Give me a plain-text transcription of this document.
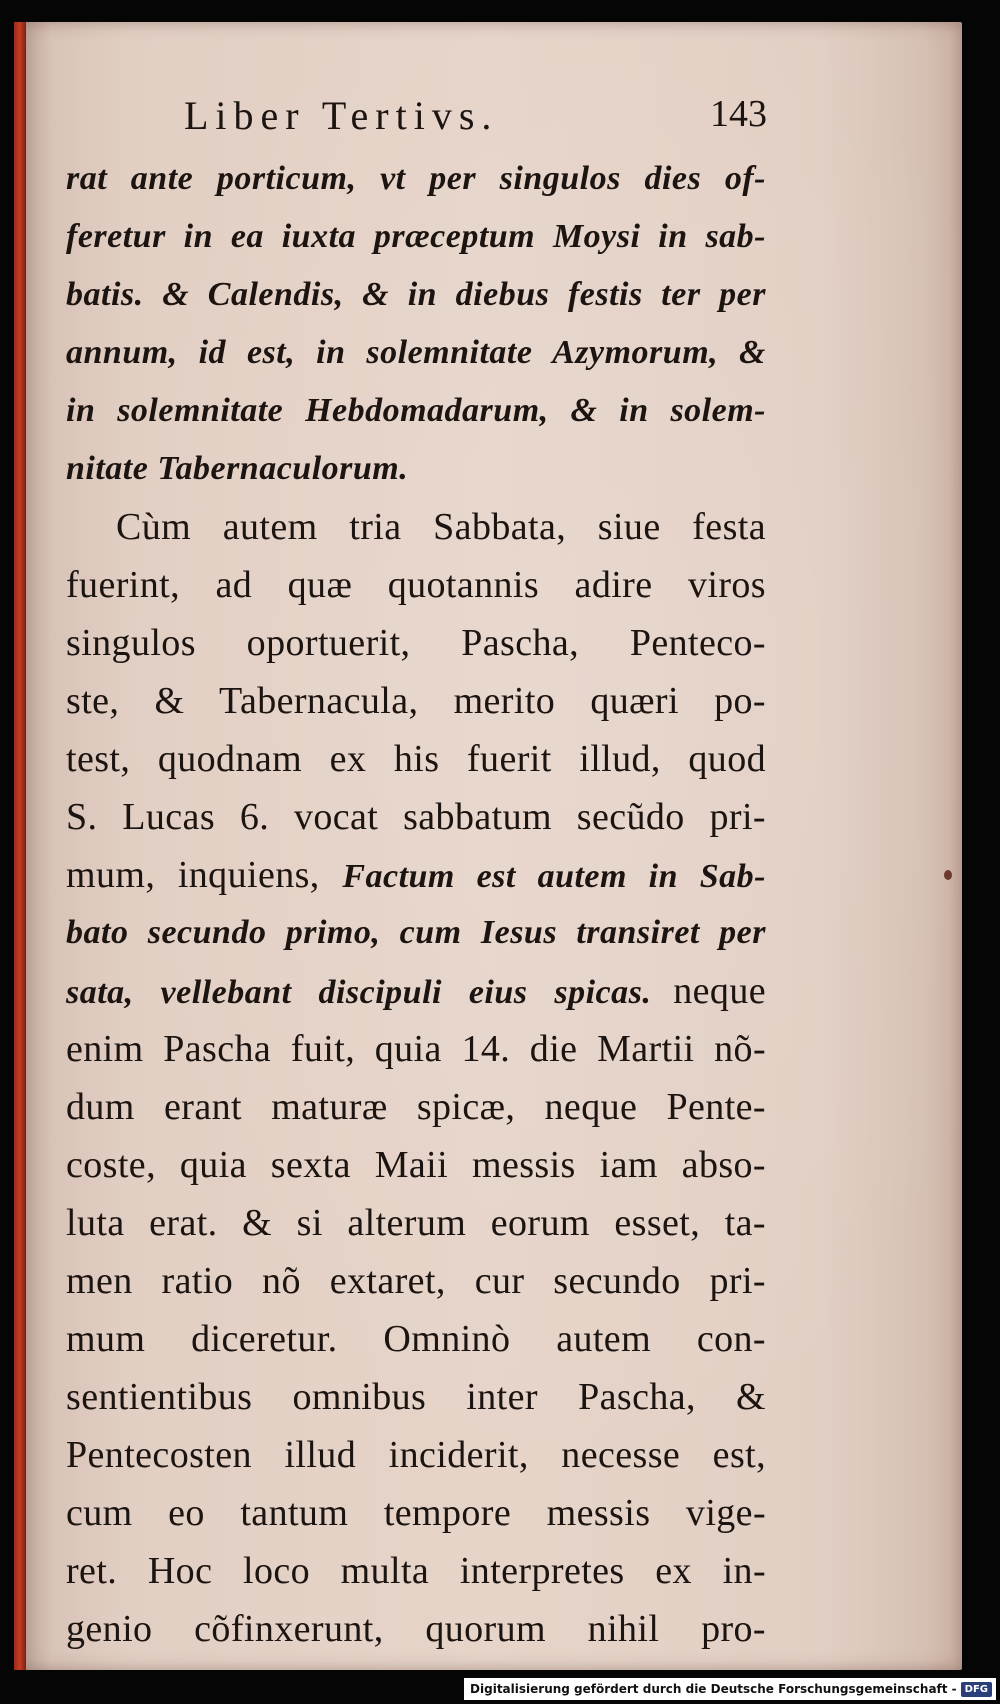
Liber Tertivs.	143
rat ante porticum, vt per singulos dies of-
feretur in ea iuxta præceptum Moysi in sab-
batis. & Calendis, & in diebus festis ter per
annum, id est, in solemnitate Azymorum, &
in solemnitate Hebdomadarum, & in solem-
nitate Tabernaculorum.
Cùm autem tria Sabbata, siue festa
fuerint, ad quæ quotannis adire viros
singulos oportuerit, Pascha, Penteco-
ste, & Tabernacula, merito quæri po-
test, quodnam ex his fuerit illud, quod
S. Lucas 6. vocat sabbatum secũdo pri-
mum, inquiens, Factum est autem in Sab-
bato secundo primo, cum Iesus transiret per
sata, vellebant discipuli eius spicas. neque
enim Pascha fuit, quia 14. die Martii nõ-
dum erant maturæ spicæ, neque Pente-
coste, quia sexta Maii messis iam abso-
luta erat. & si alterum eorum esset, ta-
men ratio nõ extaret, cur secundo pri-
mum diceretur. Omninò autem con-
sentientibus omnibus inter Pascha, &
Pentecosten illud inciderit, necesse est,
cum eo tantum tempore messis vige-
ret. Hoc loco multa interpretes ex in-
genio cõfinxerunt, quorum nihil pro-
Digitalisierung gefördert durch die Deutsche Forschungsgemeinschaft - DFG
